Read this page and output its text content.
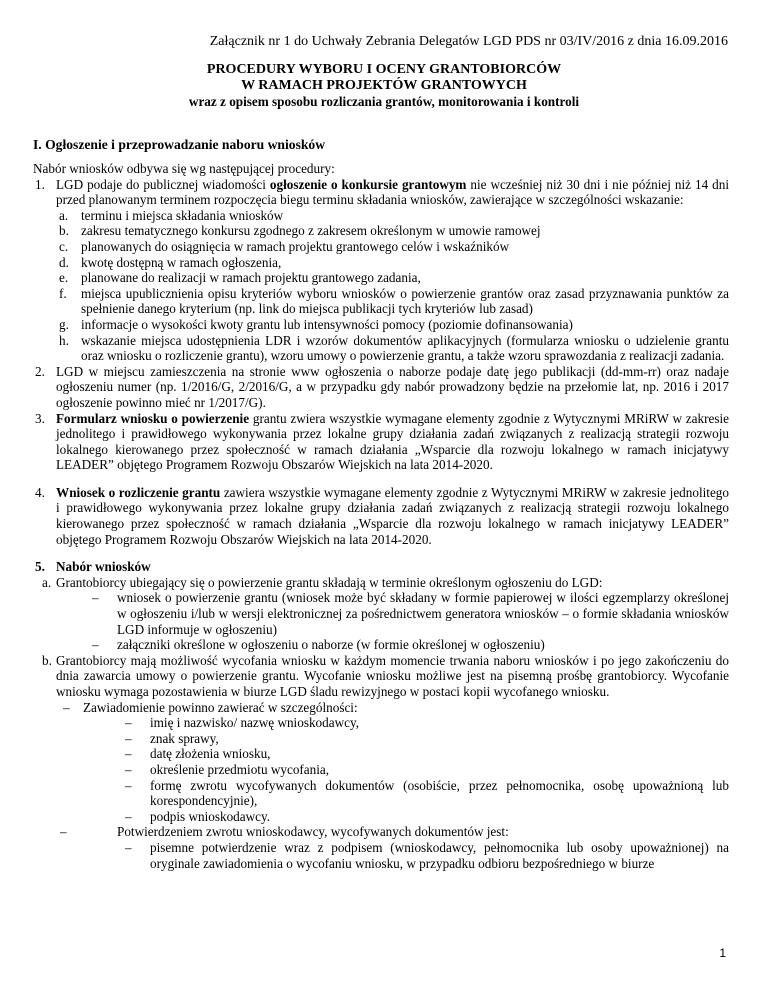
Załącznik nr 1 do Uchwały Zebrania Delegatów LGD PDS nr 03/IV/2016 z dnia 16.09.2016
PROCEDURY WYBORU I OCENY GRANTOBIORCÓW
W RAMACH PROJEKTÓW GRANTOWYCH
wraz z opisem sposobu rozliczania grantów, monitorowania i kontroli
I. Ogłoszenie i przeprowadzanie naboru wniosków

Nabór wniosków odbywa się wg następującej procedury:

1. LGD podaje do publicznej wiadomości ogłoszenie o konkursie grantowym nie wcześniej niż 30 dni i nie później niż 14 dni przed planowanym terminem rozpoczęcia biegu terminu składania wniosków, zawierające w szczególności wskazanie:
a. terminu i miejsca składania wniosków
b. zakresu tematycznego konkursu zgodnego z zakresem określonym w umowie ramowej
c. planowanych do osiągnięcia w ramach projektu grantowego celów i wskaźników
d. kwotę dostępną w ramach ogłoszenia,
e. planowane do realizacji w ramach projektu grantowego zadania,
f. miejsca upublicznienia opisu kryteriów wyboru wniosków o powierzenie grantów oraz zasad przyznawania punktów za spełnienie danego kryterium (np. link do miejsca publikacji tych kryteriów lub zasad)
g. informacje o wysokości kwoty grantu lub intensywności pomocy (poziomie dofinansowania)
h. wskazanie miejsca udostępnienia LDR i wzorów dokumentów aplikacyjnych (formularza wniosku o udzielenie grantu oraz wniosku o rozliczenie grantu), wzoru umowy o powierzenie grantu, a także wzoru sprawozdania z realizacji zadania.
2. LGD w miejscu zamieszczenia na stronie www ogłoszenia o naborze podaje datę jego publikacji (dd-mm-rr) oraz nadaje ogłoszeniu numer (np. 1/2016/G, 2/2016/G, a w przypadku gdy nabór prowadzony będzie na przełomie lat, np. 2016 i 2017 ogłoszenie powinno mieć nr 1/2017/G).
3. Formularz wniosku o powierzenie grantu zwiera wszystkie wymagane elementy zgodnie z Wytycznymi MRiRW w zakresie jednolitego i prawidłowego wykonywania przez lokalne grupy działania zadań związanych z realizacją strategii rozwoju lokalnego kierowanego przez społeczność w ramach działania „Wsparcie dla rozwoju lokalnego w ramach inicjatywy LEADER” objętego Programem Rozwoju Obszarów Wiejskich na lata 2014-2020.
4. Wniosek o rozliczenie grantu zawiera wszystkie wymagane elementy zgodnie z Wytycznymi MRiRW w zakresie jednolitego i prawidłowego wykonywania przez lokalne grupy działania zadań związanych z realizacją strategii rozwoju lokalnego kierowanego przez społeczność w ramach działania „Wsparcie dla rozwoju lokalnego w ramach inicjatywy LEADER” objętego Programem Rozwoju Obszarów Wiejskich na lata 2014-2020.
5. Nabór wniosków
a. Grantobiorcy ubiegający się o powierzenie grantu składają w terminie określonym ogłoszeniu do LGD:
– wniosek o powierzenie grantu (wniosek może być składany w formie papierowej w ilości egzemplarzy określonej w ogłoszeniu i/lub w wersji elektronicznej za pośrednictwem generatora wniosków – o formie składania wniosków LGD informuje w ogłoszeniu)
– załączniki określone w ogłoszeniu o naborze (w formie określonej w ogłoszeniu)
b. Grantobiorcy mają możliwość wycofania wniosku w każdym momencie trwania naboru wniosków i po jego zakończeniu do dnia zawarcia umowy o powierzenie grantu. Wycofanie wniosku możliwe jest na pisemną prośbę grantobiorcy. Wycofanie wniosku wymaga pozostawienia w biurze LGD śladu rewizyjnego w postaci kopii wycofanego wniosku.
– Zawiadomienie powinno zawierać w szczególności:
– imię i nazwisko/ nazwę wnioskodawcy,
– znak sprawy,
– datę złożenia wniosku,
– określenie przedmiotu wycofania,
– formę zwrotu wycofywanych dokumentów (osobiście, przez pełnomocnika, osobę upoważnioną lub korespondencyjnie),
– podpis wnioskodawcy.
–	Potwierdzeniem zwrotu wnioskodawcy, wycofywanych dokumentów jest:
– pisemne potwierdzenie wraz z podpisem (wnioskodawcy, pełnomocnika lub osoby upoważnionej) na oryginale zawiadomienia o wycofaniu wniosku, w przypadku odbioru bezpośredniego w biurze
1
